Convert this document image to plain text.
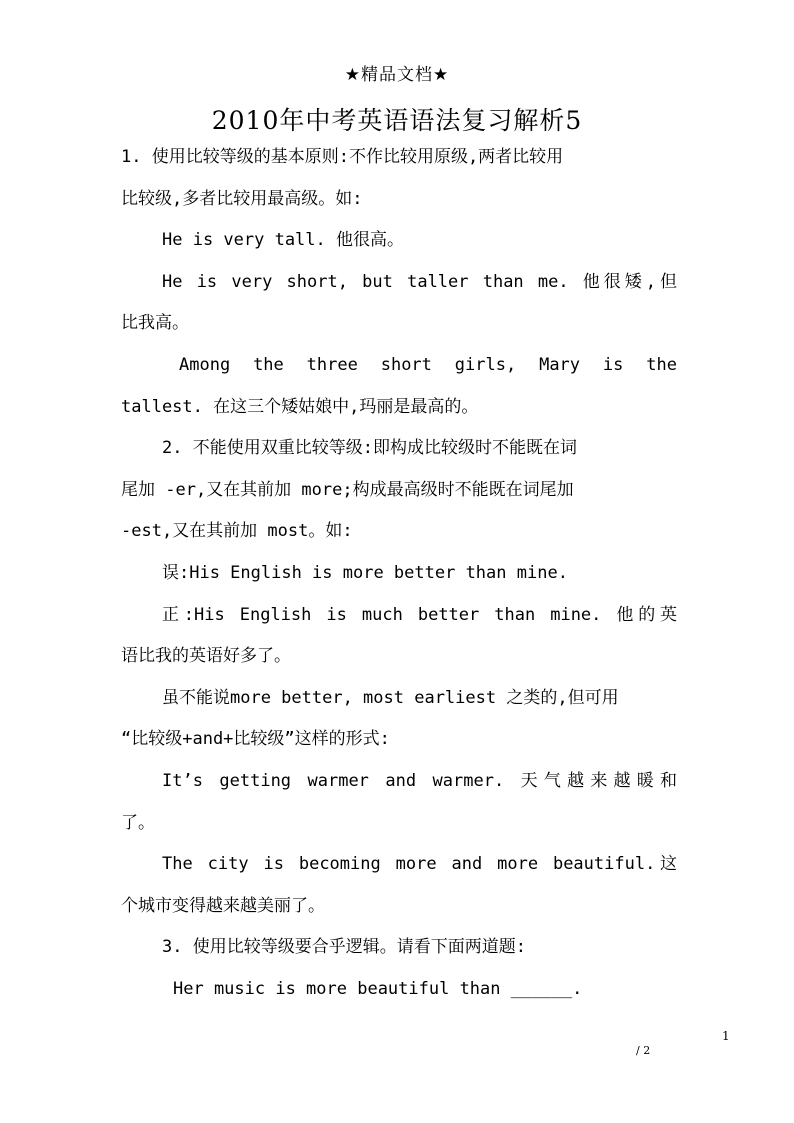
★精品文档★
2010年中考英语语法复习解析5
1. 使用比较等级的基本原则:不作比较用原级,两者比较用
比较级,多者比较用最高级。如:
He is very tall. 他很高。
He is very short, but taller than me. 他很矮,但
比我高。
Among the three short girls, Mary is the
tallest. 在这三个矮姑娘中,玛丽是最高的。
2. 不能使用双重比较等级:即构成比较级时不能既在词
尾加 -er,又在其前加 more;构成最高级时不能既在词尾加
-est,又在其前加 most。如:
误:His English is more better than mine.
正:His English is much better than mine. 他的英
语比我的英语好多了。
虽不能说more better, most earliest 之类的,但可用
“比较级+and+比较级”这样的形式:
It’s getting warmer and warmer. 天气越来越暖和
了。
The city is becoming more and more beautiful.这
个城市变得越来越美丽了。
3. 使用比较等级要合乎逻辑。请看下面两道题:
Her music is more beautiful than ______.
1
/ 2
